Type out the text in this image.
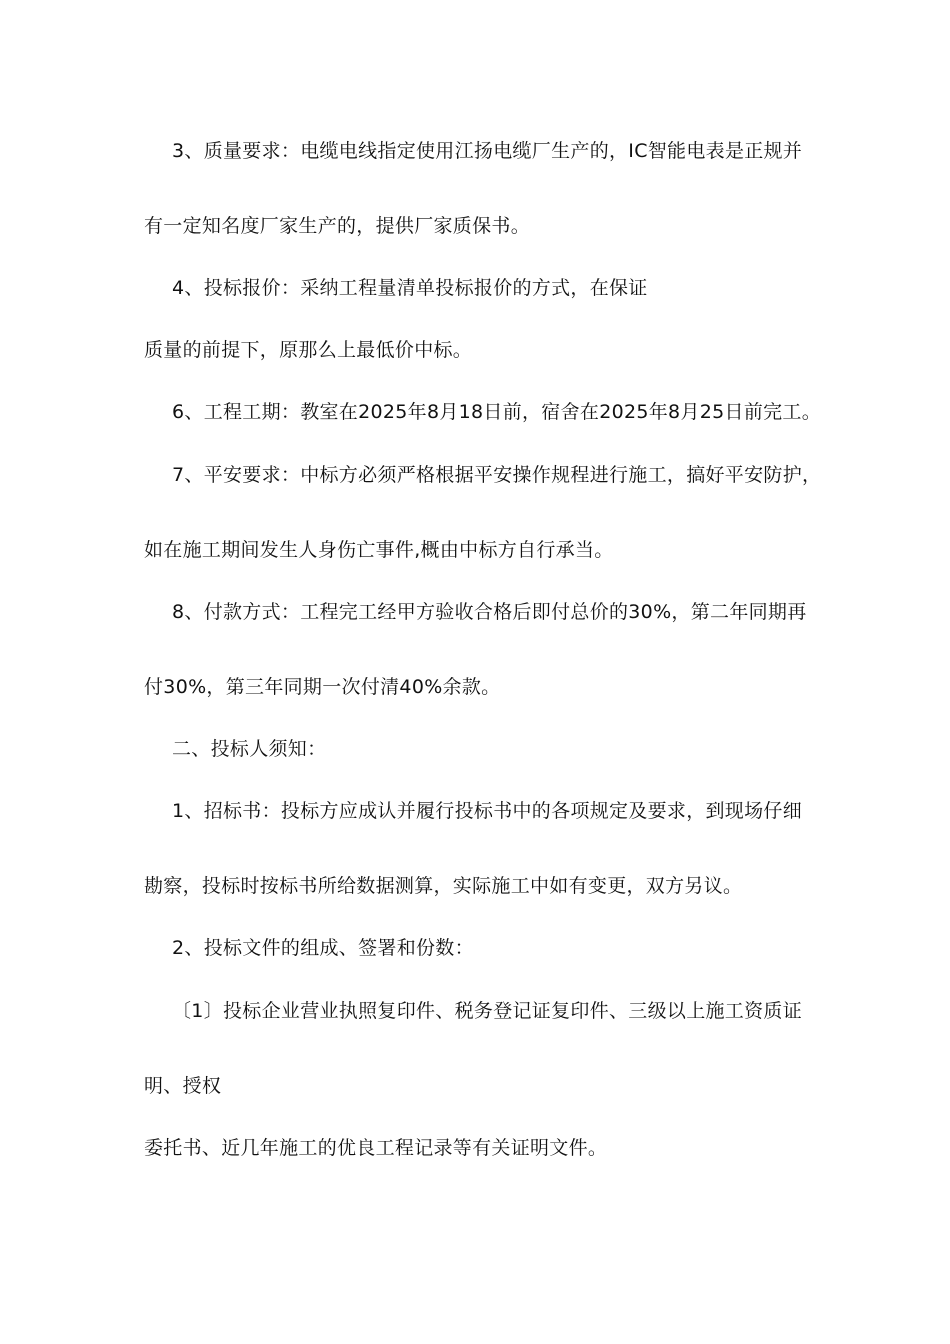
3、质量要求：电缆电线指定使用江扬电缆厂生产的，IC智能电表是正规并
有一定知名度厂家生产的，提供厂家质保书。
4、投标报价：采纳工程量清单投标报价的方式，在保证
质量的前提下，原那么上最低价中标。
6、工程工期：教室在2025年8月18日前，宿舍在2025年8月25日前完工。
7、平安要求：中标方必须严格根据平安操作规程进行施工，搞好平安防护，
如在施工期间发生人身伤亡事件,概由中标方自行承当。
8、付款方式：工程完工经甲方验收合格后即付总价的30%，第二年同期再
付30%，第三年同期一次付清40%余款。
二、投标人须知：
1、招标书：投标方应成认并履行投标书中的各项规定及要求，到现场仔细
勘察，投标时按标书所给数据测算，实际施工中如有变更，双方另议。
2、投标文件的组成、签署和份数：
〔1〕投标企业营业执照复印件、税务登记证复印件、三级以上施工资质证
明、授权
委托书、近几年施工的优良工程记录等有关证明文件。
